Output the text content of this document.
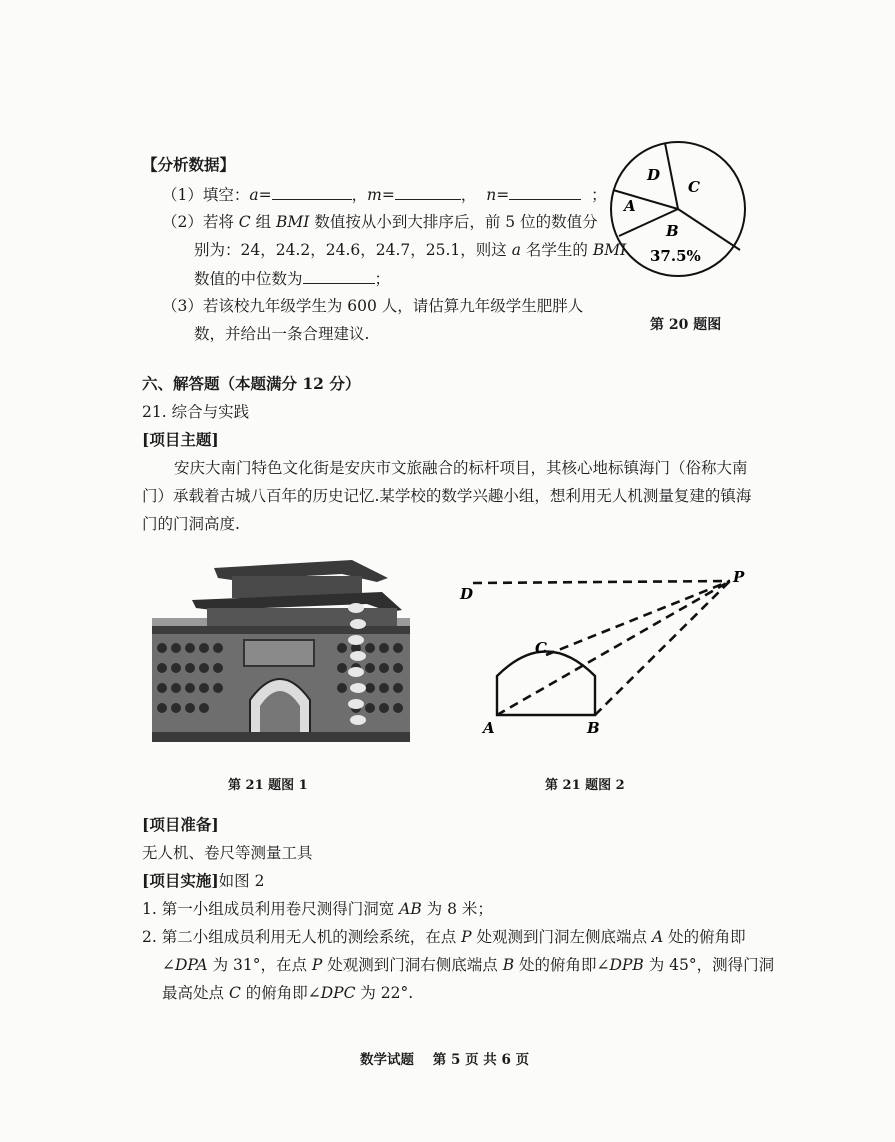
【分析数据】
（1）填空：a=	，m=	， n=	；
（2）若将 C 组 BMI 数值按从小到大排序后，前 5 位的数值分
别为：24，24.2，24.6，24.7，25.1，则这 a 名学生的 BMI
数值的中位数为	；
（3）若该校九年级学生为 600 人，请估算九年级学生肥胖人
数，并给出一条合理建议.
D
C
A
B
37.5%
第 20 题图
六、解答题（本题满分 12 分）
21. 综合与实践
[项目主题]
安庆大南门特色文化街是安庆市文旅融合的标杆项目，其核心地标镇海门（俗称大南
门）承载着古城八百年的历史记忆.某学校的数学兴趣小组，想利用无人机测量复建的镇海
门的门洞高度.
P
D
C
A	B
第 21 题图 1	第 21 题图 2
[项目准备]
无人机、卷尺等测量工具
[项目实施]如图 2
1. 第一小组成员利用卷尺测得门洞宽 AB 为 8 米；
2. 第二小组成员利用无人机的测绘系统，在点 P 处观测到门洞左侧底端点 A 处的俯角即
∠DPA 为 31°，在点 P 处观测到门洞右侧底端点 B 处的俯角即∠DPB 为 45°，测得门洞
最高处点 C 的俯角即∠DPC 为 22°.
数学试题    第 5 页 共 6 页
